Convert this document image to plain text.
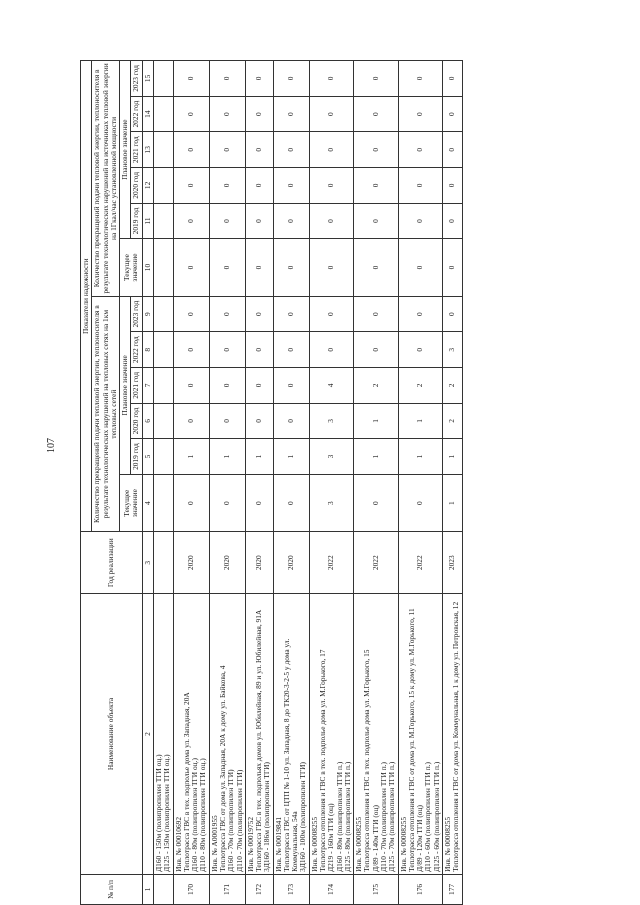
107
№ п/п	Наименование объекта	Год реализации	Показатели надежности											
			Количество прекращений подачи тепловой энергии, теплоносителя в результате технологических нарушений на тепловых сетях на 1км тепловых сетей						Количество прекращений подачи тепловой энергии, теплоносителя в результате технологических нарушений на источниках тепловой энергии на 1Гкал/час установленной мощности					
			Текущее значение	Плановое значение					Текущее значение	Плановое значение				
				2019 год	2020 год	2021 год	2022 год	2023 год		2019 год	2020 год	2021 год	2022 год	2023 год
1	2	3	4	5	6	7	8	9	10	11	12	13	14	15

	Д160 - 150м (полипропилен ТГИ оц.) Д125 - 150м (полипропилен ТГИ оц.)													

170	Инв. № 00010692 Теплотрасса ГВС в тех. подполье дома ул. Западная, 20А Д160 - 80м (полипропилен ТГИ оц.) Д110 - 80м (полипропилен ТГИ оц.)	2020	0	1	0	0	0	0	0	0	0	0	0	0
171	Инв. № А0001955 Теплотрасса ГВС от дома ул. Западная, 20А к дому ул. Байкова, 4 Д160 - 70м (полипропилен ТГИ) Д110 - 70м (полипропилен ТГИ)	2020	0	1	0	0	0	0	0	0	0	0	0	0
172	Инв. № 00019752 Теплотрасса ГВС в тех. подпольях домов ул. Юбилейная, 89 и ул. Юбилейная, 91А 3Д160 - 186м (полипропилен ТГИ)	2020	0	1	0	0	0	0	0	0	0	0	0	0
173	Инв. № 00019841 Теплотрасса ГВС от ЦТП № 1-10 ул. Западная, 8 до ТК20-3-2-5 у дома ул. Коммунальная, 54а 3Д160 - 100м (полипропилен ТГИ)	2020	0	1	0	0	0	0	0	0	0	0	0	0
174	Инв. № 00008255 Теплотрасса отопления и ГВС в тех. подполье дома ул. М.Горького, 17 Д219 - 160м ТГИ (оц) Д160 - 80м (полипропилен ТГИ п.) Д125 - 80м (полипропилен ТГИ п.)	2022	3	3	3	4	0	0	0	0	0	0	0	0
175	Инв. № 00008255 Теплотрасса отопления и ГВС в тех. подполье дома ул. М.Горького, 15 Д/89 - 140м ТГИ (оц) Д110 - 70м (полипропилен ТГИ п.) Д125 - 70м (полипропилен ТГИ п.)	2022	0	1	1	2	0	0	0	0	0	0	0	0
176	Инв. № 00008255 Теплотрасса отопления и ГВС от дома ул. М.Горького, 15 к дому ул. М.Горького, 11 Д/89 - 120м ТГИ (оц) Д110 - 60м (полипропилен ТГИ п.) Д125 - 60м (полипропилен ТГИ п.)	2022	0	1	1	2	0	0	0	0	0	0	0	0
177	Инв. № 00008255 Теплотрасса отопления и ГВС от дома ул. Коммунальная, 1 к дому ул. Петровская, 12	2023	1	1	2	2	3	0	0	0	0	0	0	0
